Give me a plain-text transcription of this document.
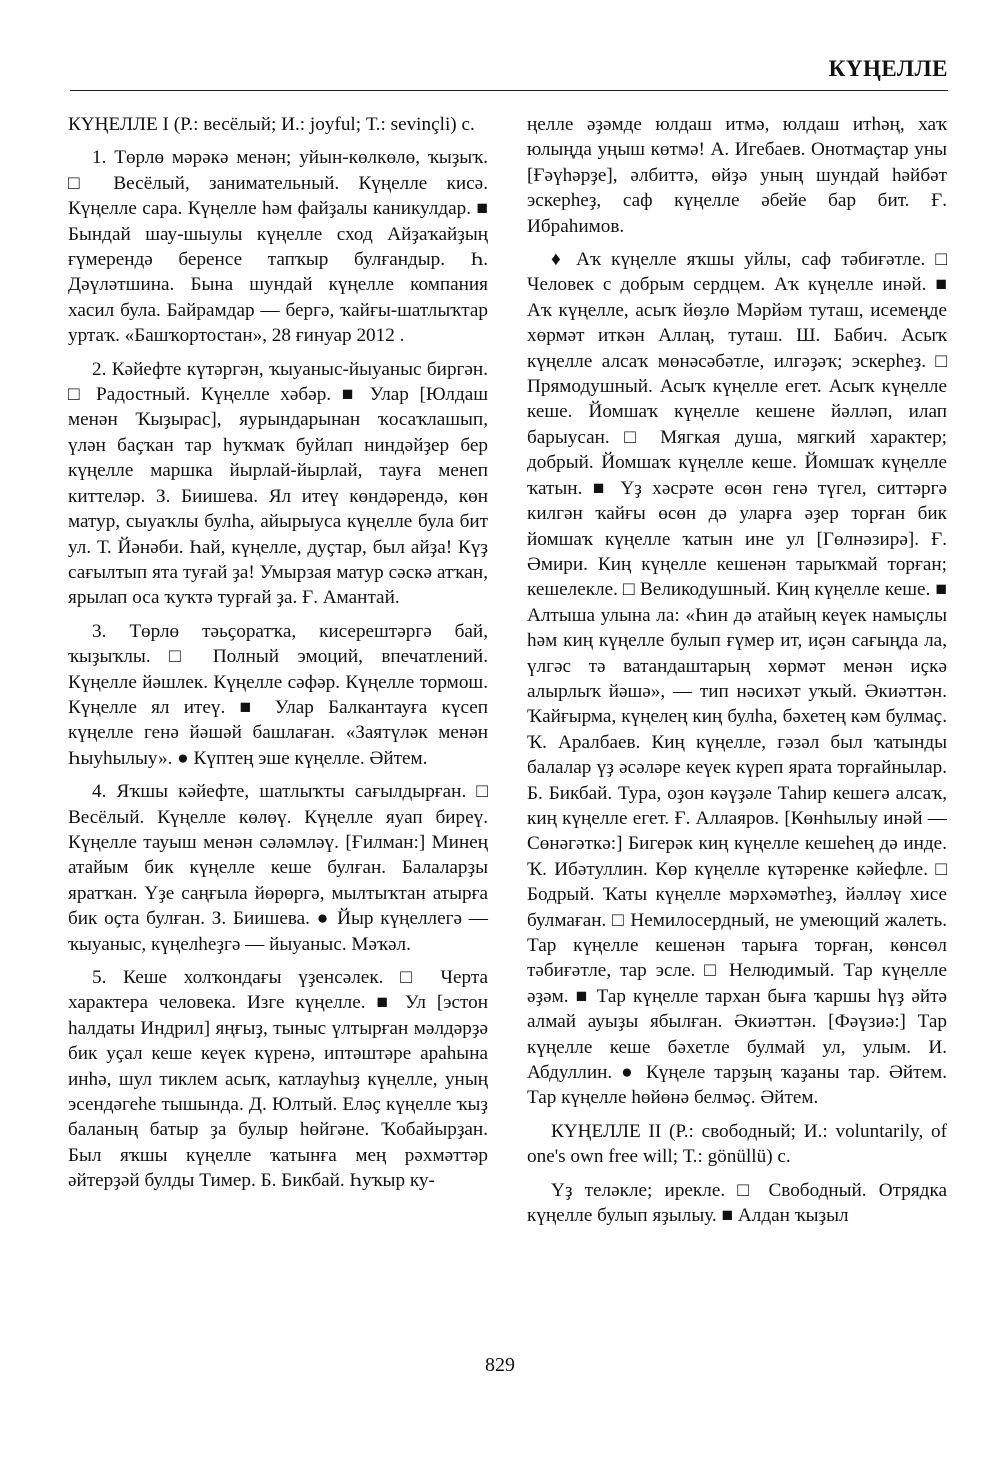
КҮҢЕЛЛЕ

КҮҢЕЛЛЕ I (Р.: весёлый; И.: joyful; Т.: sevinçli) с.

1. Төрлө мәрәкә менән; уйын-көлкөлө, ҡыҙыҡ. □ Весёлый, занимательный. Күңелле кисә. Күңелле сара. Күңелле һәм файҙалы каникулдар. ■ Бындай шау-шыулы күңелле сход Айҙаҡайҙың ғүмерендә беренсе тапҡыр булғандыр. Һ. Дәүләтшина. Бына шундай күңелле компания хасил була. Байрамдар — бергә, ҡайғы-шатлыҡтар уртаҡ. «Башҡортостан», 28 ғинуар 2012 .

2. Кәйефте күтәргән, ҡыуаныс-йыуаныс биргән. □ Радостный. Күңелле хәбәр. ■ Улар [Юлдаш менән Ҡыҙырас], яурындарынан ҡосаҡлашып, үлән баҫҡан тар һуҡмаҡ буйлап ниндәйҙер бер күңелле маршка йырлай-йырлай, тауға менеп киттеләр. З. Биишева. Ял итеү көндәрендә, көн матур, сыуаҡлы булһа, айырыуса күңелле була бит ул. Т. Йәнәби. Һай, күңелле, дуҫтар, был айҙа! Күҙ сағылтып ята туғай ҙа! Умырзая матур сәскә атҡан, ярылап оса ҡуҡтә турғай ҙа. Ғ. Амантай.

3. Төрлө тәьҫоратҡа, кисерештәргә бай, ҡыҙыҡлы. □ Полный эмоций, впечатлений. Күңелле йәшлек. Күңелле сәфәр. Күңелле тормош. Күңелле ял итеү. ■ Улар Балкантауға күсеп күңелле генә йәшәй башлаған. «Заятүләк менән Һыуһылыу». ● Күптең эше күңелле. Әйтем.

4. Яҡшы кәйефте, шатлыҡты сағылдырған. □ Весёлый. Күңелле көлөү. Күңелле яуап биреү. Күңелле тауыш менән сәләмләү. [Ғилман:] Минең атайым бик күңелле кеше булған. Балаларҙы яратҡан. Үҙе саңғыла йөрөргә, мылтыҡтан атырға бик оҫта булған. З. Биишева. ● Йыр күңеллегә — ҡыуаныс, күңелһеҙгә — йыуаныс. Мәҡәл.

5. Кеше холҡондағы үҙенсәлек. □ Черта характера человека. Изге күңелле. ■ Ул [эстон һалдаты Индрил] яңғыҙ, тыныс үлтырған мәлдәрҙә бик уҫал кеше кеүек күренә, иптәштәре араһына инһә, шул тиклем асыҡ, катлауһыҙ күңелле, уның эсендәгеһе тышында. Д. Юлтый. Еләҫ күңелле ҡыҙ баланың батыр ҙа булыр һөйгәне. Ҡобайырҙан. Был яҡшы күңелле ҡатынға мең рәхмәттәр әйтерҙәй булды Тимер. Б. Бикбай. Һуҡыр ку-

ңелле әҙәмде юлдаш итмә, юлдаш итһәң, хаҡ юлыңда уңыш көтмә! А. Игебаев. Онотмаҫтар уны [Ғәүһәрҙе], әлбиттә, өйҙә уның шундай һәйбәт эскерһеҙ, саф күңелле әбейе бар бит. Ғ. Ибраһимов.

♦ Аҡ күңелле яҡшы уйлы, саф тәбиғәтле. □ Человек с добрым сердцем. Аҡ күңелле инәй. ■ Аҡ күңелле, асыҡ йөҙлө Мәрйәм туташ, исемеңде хөрмәт иткән Аллаң, туташ. Ш. Бабич. Асыҡ күңелле алсаҡ мөнәсәбәтле, илгәҙәҡ; эскерһеҙ. □ Прямодушный. Асыҡ күңелле егет. Асыҡ күңелле кеше. Йомшаҡ күңелле кешене йәлләп, илап барыусан. □ Мягкая душа, мягкий характер; добрый. Йомшаҡ күңелле кеше. Йомшаҡ күңелле ҡатын. ■ Үҙ хәсрәте өсөн генә түгел, ситтәргә килгән ҡайғы өсөн дә уларға әҙер торған бик йомшаҡ күңелле ҡатын ине ул [Гөлнәзирә]. Ғ. Әмири. Киң күңелле кешенән тарыҡмай торған; кешелекле. □ Великодушный. Киң күңелле кеше. ■ Алтыша улына ла: «Һин дә атайың кеүек намыҫлы һәм киң күңелле булып ғүмер ит, иҫән сағыңда ла, үлгәс тә ватандаштарың хөрмәт менән иҫкә алырлыҡ йәшә», — тип нәсихәт уҡый. Әкиәттән. Ҡайғырма, күңелең киң булһа, бәхетең кәм булмаҫ. Ҡ. Аралбаев. Киң күңелле, гәзәл был ҡатынды балалар үҙ әсәләре кеүек күреп ярата торғайнылар. Б. Бикбай. Тура, оҙон кәүҙәле Таһир кешегә алсаҡ, киң күңелле егет. Ғ. Аллаяров. [Көнһылыу инәй — Сөнәгәткә:] Бигерәк киң күңелле кешеһең дә инде. Ҡ. Ибәтуллин. Көр күңелле күтәренке кәйефле. □ Бодрый. Ҡаты күңелле мәрхәмәтһеҙ, йәлләү хисе булмаған. □ Немилосердный, не умеющий жалеть. Тар күңелле кешенән тарыға торған, көнсөл тәбиғәтле, тар эсле. □ Нелюдимый. Тар күңелле әҙәм. ■ Тар күңелле тархан быға ҡаршы һүҙ әйтә алмай ауыҙы ябылған. Әкиәттән. [Фәүзиә:] Тар күңелле кеше бәхетле булмай ул, улым. И. Абдуллин. ● Күңеле тарҙың ҡаҙаны тар. Әйтем. Тар күңелле һөйөнә белмәҫ. Әйтем.

КҮҢЕЛЛЕ II (Р.: свободный; И.: voluntarily, of one's own free will; Т.: gönüllü) с.

Үҙ теләкле; ирекле. □ Свободный. Отрядка күңелле булып яҙылыу. ■ Алдан ҡыҙыл

829
